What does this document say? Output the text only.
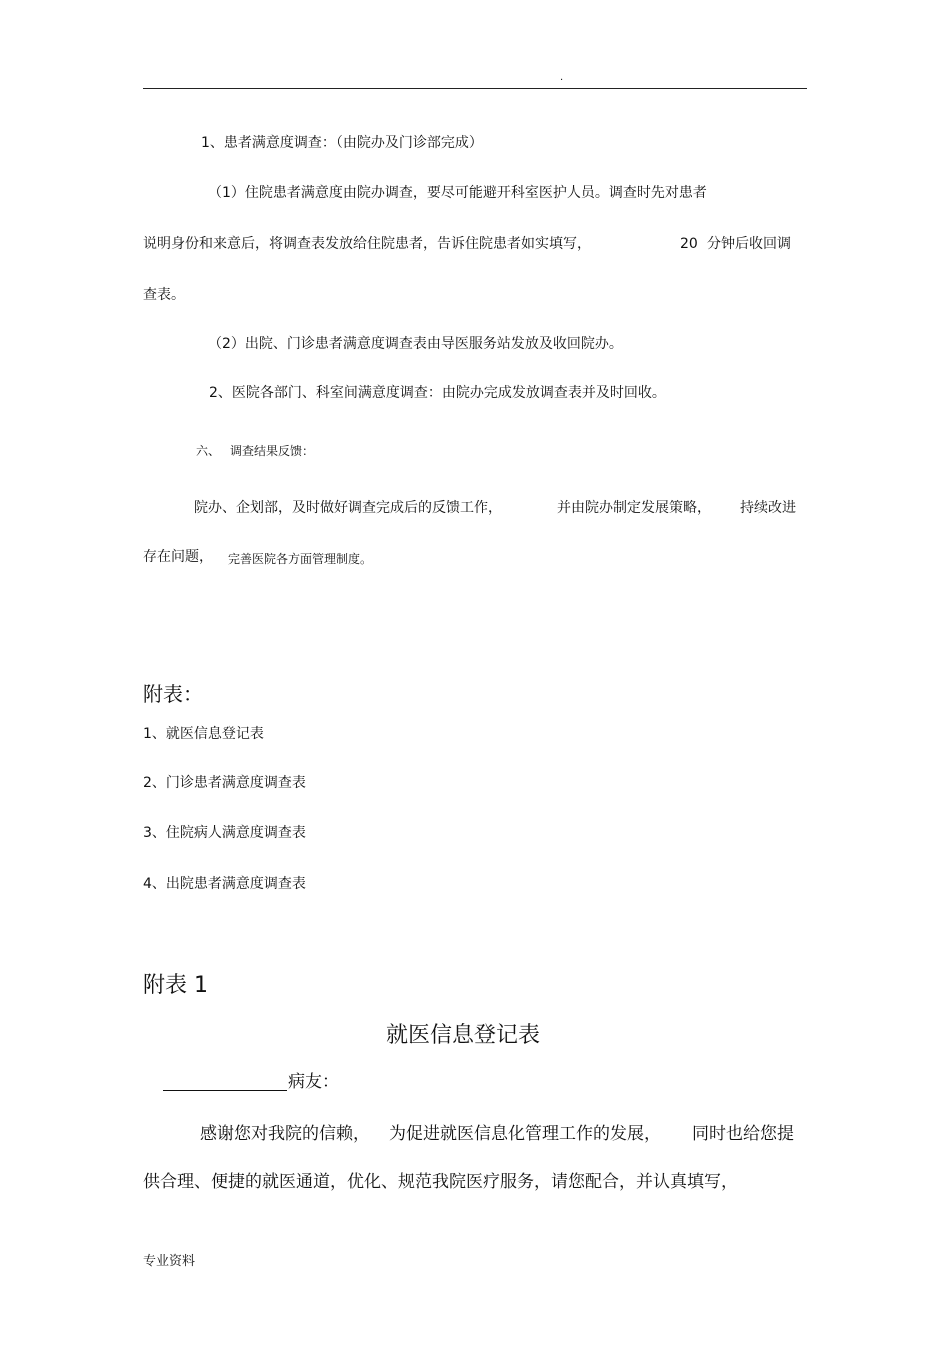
.
1、患者满意度调查：（由院办及门诊部完成）
（1）住院患者满意度由院办调查，要尽可能避开科室医护人员。调查时先对患者
说明身份和来意后，将调查表发放给住院患者，告诉住院患者如实填写，	20 分钟后收回调
查表。
（2）出院、门诊患者满意度调查表由导医服务站发放及收回院办。
2、医院各部门、科室间满意度调查：由院办完成发放调查表并及时回收。
六、 调查结果反馈：
院办、企划部，及时做好调查完成后的反馈工作，	并由院办制定发展策略， 持续改进
存在问题， 完善医院各方面管理制度。
附表：
1、就医信息登记表
2、门诊患者满意度调查表
3、住院病人满意度调查表
4、出院患者满意度调查表
附表 1
就医信息登记表
病友：
感谢您对我院的信赖， 为促进就医信息化管理工作的发展， 同时也给您提
供合理、便捷的就医通道，优化、规范我院医疗服务，请您配合，并认真填写，
专业资料
